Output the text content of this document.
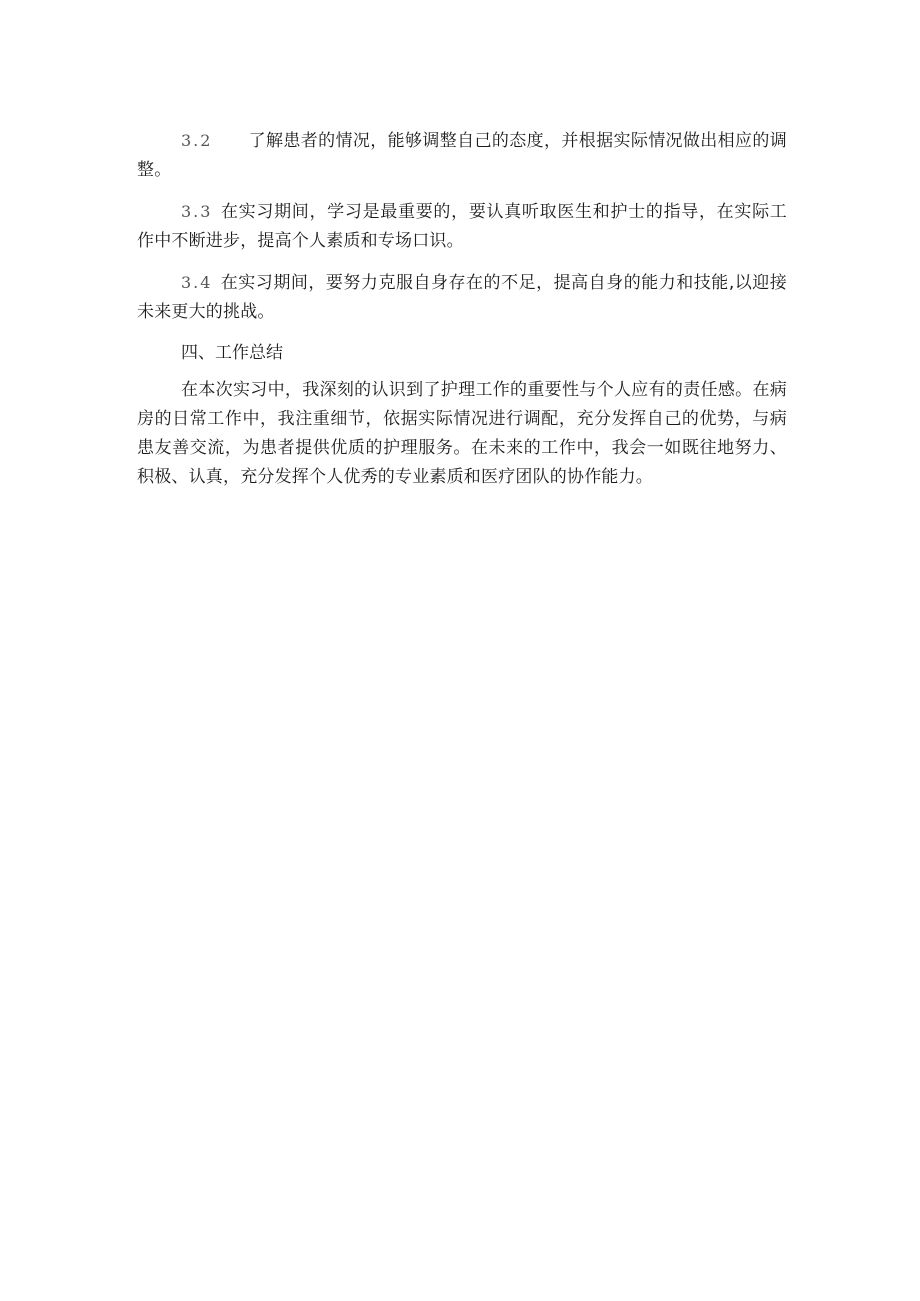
3.2 了解患者的情况，能够调整自己的态度，并根据实际情况做出相应的调整。

3.3 在实习期间，学习是最重要的，要认真听取医生和护士的指导，在实际工作中不断进步，提高个人素质和专场口识。

3.4 在实习期间，要努力克服自身存在的不足，提高自身的能力和技能,以迎接未来更大的挑战。

四、工作总结

在本次实习中，我深刻的认识到了护理工作的重要性与个人应有的责任感。在病房的日常工作中，我注重细节，依据实际情况进行调配，充分发挥自己的优势，与病患友善交流，为患者提供优质的护理服务。在未来的工作中，我会一如既往地努力、积极、认真，充分发挥个人优秀的专业素质和医疗团队的协作能力。
